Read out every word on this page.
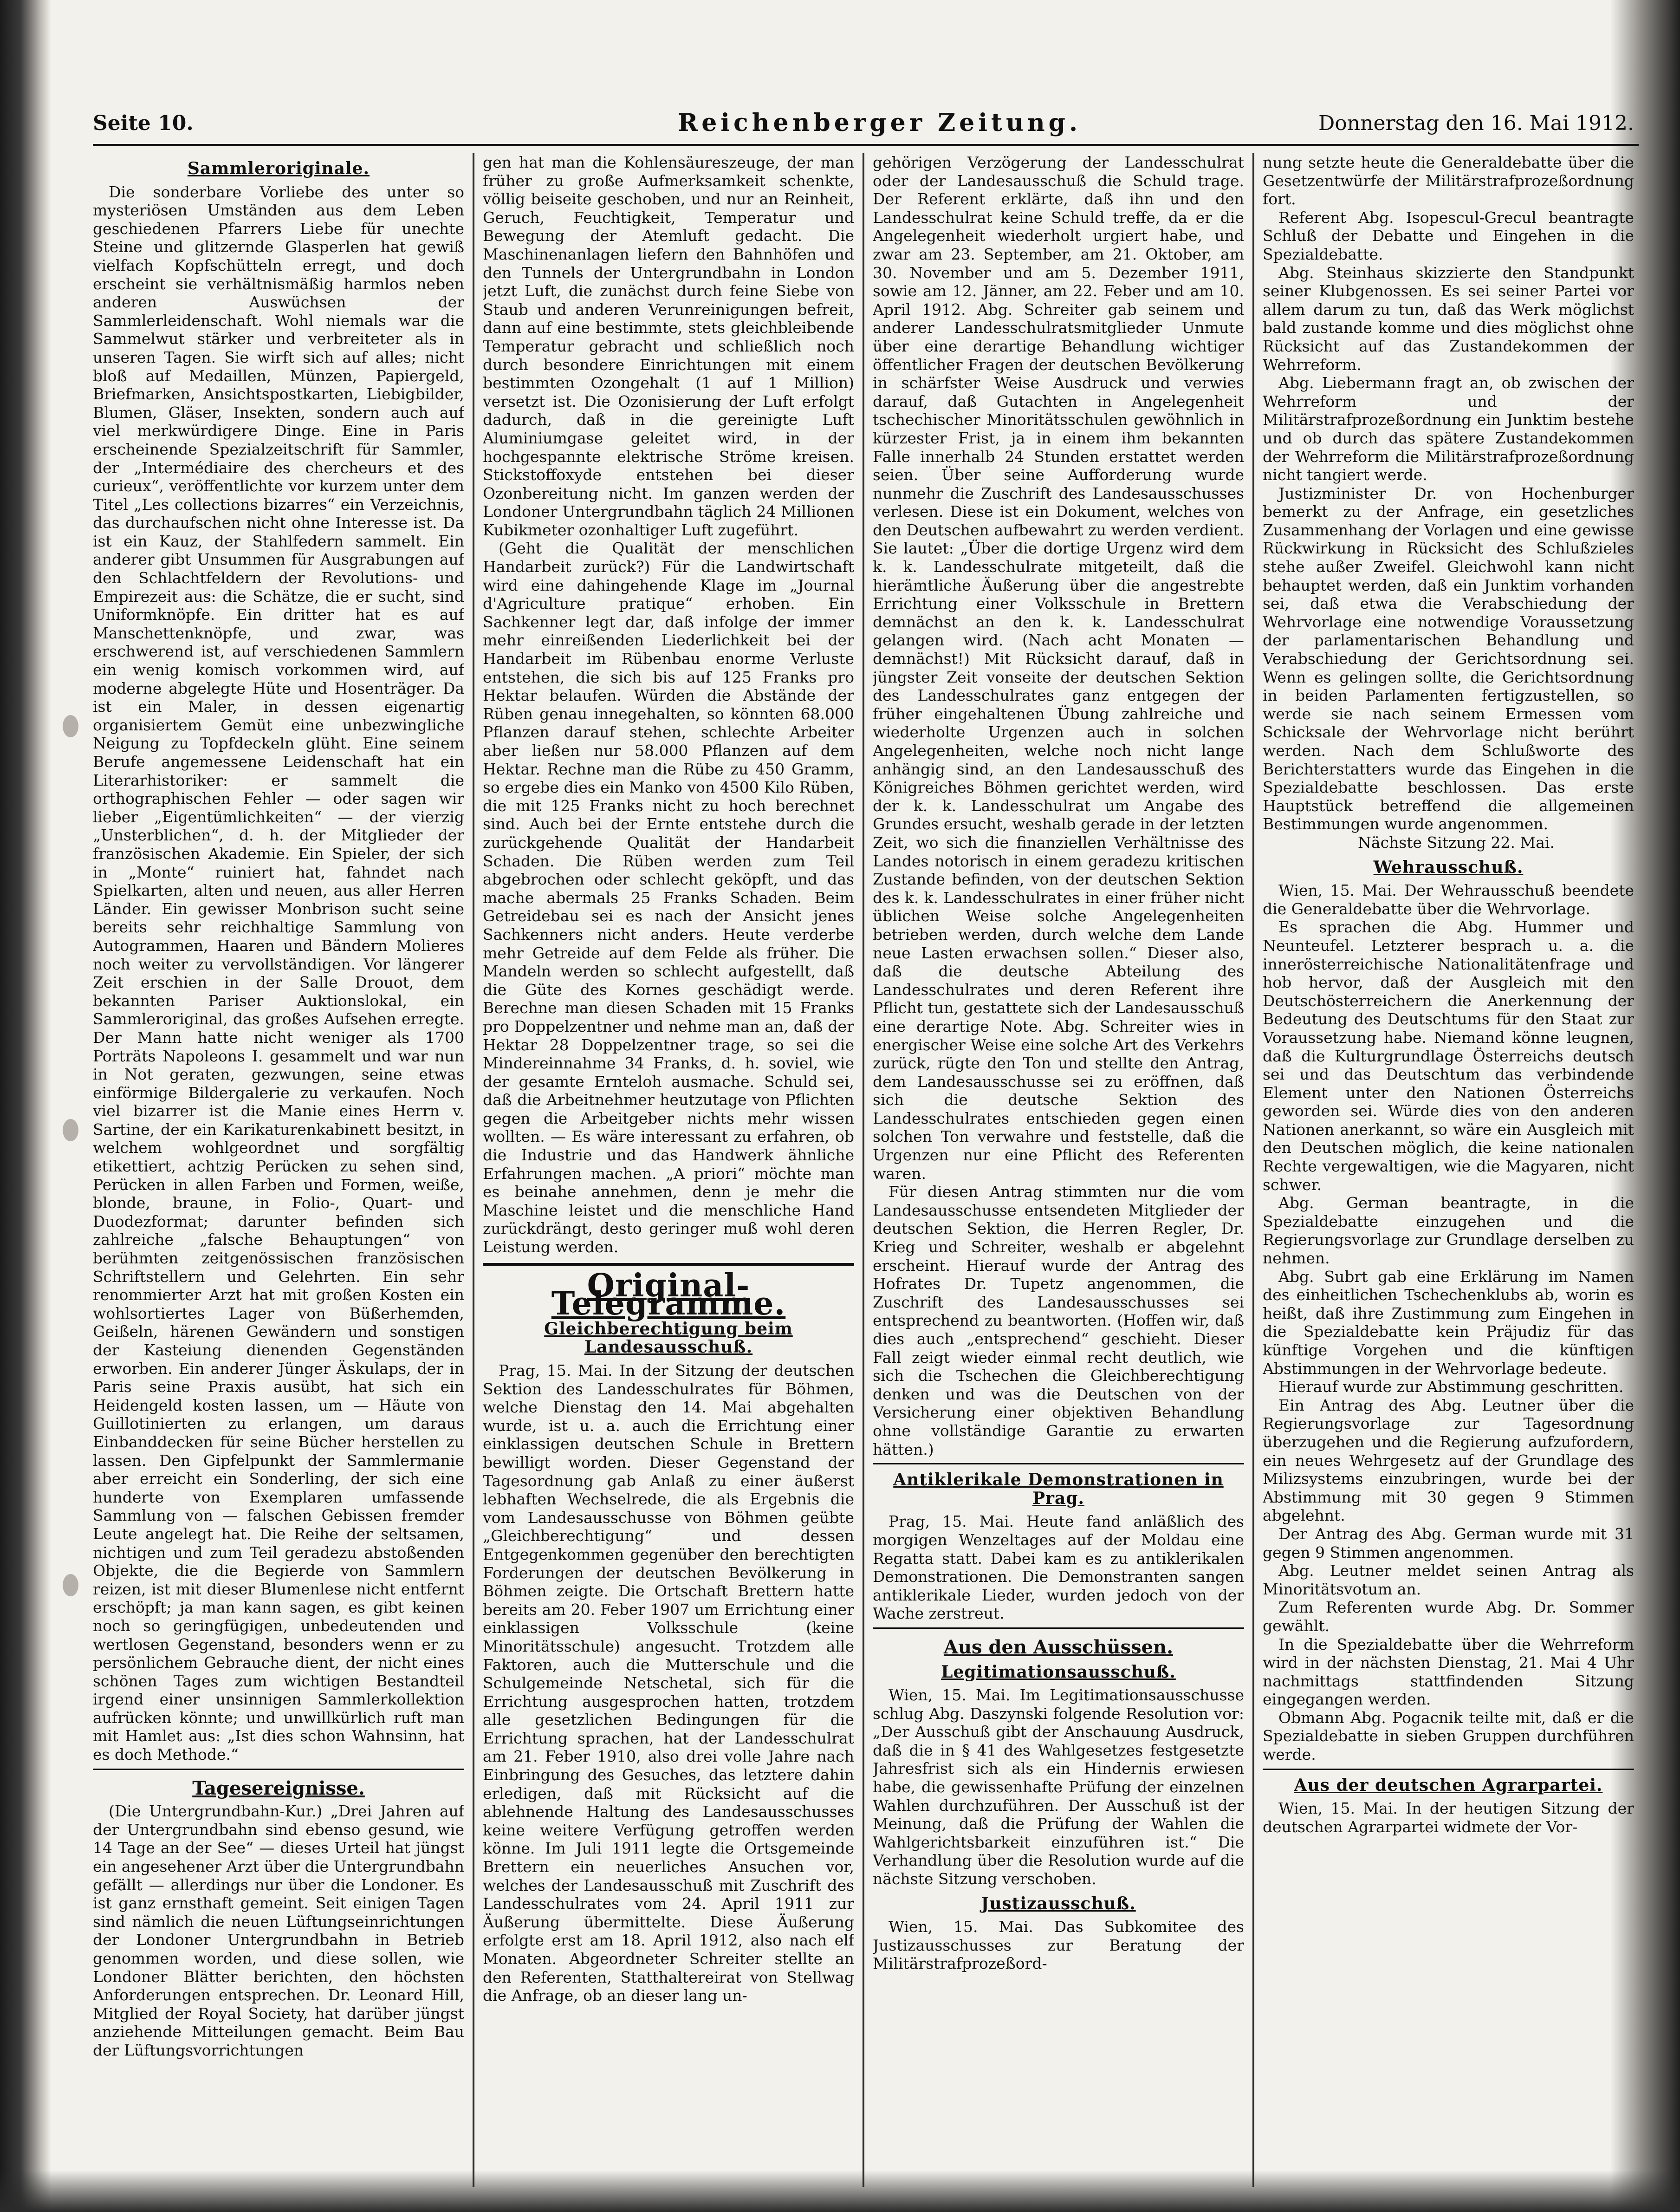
Seite 10.	Reichenberger Zeitung.	Donnerstag den 16. Mai 1912.
Sammleroriginale.

Die sonderbare Vorliebe des unter so mysteriösen Umständen aus dem Leben geschiedenen Pfarrers Liebe für unechte Steine und glitzernde Glasperlen hat gewiß vielfach Kopfschütteln erregt, und doch erscheint sie verhältnismäßig harmlos neben anderen Auswüchsen der Sammlerleidenschaft. Wohl niemals war die Sammelwut stärker und verbreiteter als in unseren Tagen. Sie wirft sich auf alles; nicht bloß auf Medaillen, Münzen, Papiergeld, Briefmarken, Ansichtspostkarten, Liebigbilder, Blumen, Gläser, Insekten, sondern auch auf viel merkwürdigere Dinge. Eine in Paris erscheinende Spezialzeitschrift für Sammler, der „Intermédiaire des chercheurs et des curieux“, veröffentlichte vor kurzem unter dem Titel „Les collections bizarres“ ein Verzeichnis, das durchaufschen nicht ohne Interesse ist. Da ist ein Kauz, der Stahlfedern sammelt. Ein anderer gibt Unsummen für Ausgrabungen auf den Schlachtfeldern der Revolutions- und Empirezeit aus: die Schätze, die er sucht, sind Uniformknöpfe. Ein dritter hat es auf Manschettenknöpfe, und zwar, was erschwerend ist, auf verschiedenen Sammlern ein wenig komisch vorkommen wird, auf moderne abgelegte Hüte und Hosenträger. Da ist ein Maler, in dessen eigenartig organisiertem Gemüt eine unbezwingliche Neigung zu Topfdeckeln glüht. Eine seinem Berufe angemessene Leidenschaft hat ein Literarhistoriker: er sammelt die orthographischen Fehler — oder sagen wir lieber „Eigentümlichkeiten“ — der vierzig „Unsterblichen“, d. h. der Mitglieder der französischen Akademie. Ein Spieler, der sich in „Monte“ ruiniert hat, fahndet nach Spielkarten, alten und neuen, aus aller Herren Länder. Ein gewisser Monbrison sucht seine bereits sehr reichhaltige Sammlung von Autogrammen, Haaren und Bändern Molieres noch weiter zu vervollständigen. Vor längerer Zeit erschien in der Salle Drouot, dem bekannten Pariser Auktionslokal, ein Sammleroriginal, das großes Aufsehen erregte. Der Mann hatte nicht weniger als 1700 Porträts Napoleons I. gesammelt und war nun in Not geraten, gezwungen, seine etwas einförmige Bildergalerie zu verkaufen. Noch viel bizarrer ist die Manie eines Herrn v. Sartine, der ein Karikaturenkabinett besitzt, in welchem wohlgeordnet und sorgfältig etikettiert, achtzig Perücken zu sehen sind, Perücken in allen Farben und Formen, weiße, blonde, braune, in Folio-, Quart- und Duodezformat; darunter befinden sich zahlreiche „falsche Behauptungen“ von berühmten zeitgenössischen französischen Schriftstellern und Gelehrten. Ein sehr renommierter Arzt hat mit großen Kosten ein wohlsortiertes Lager von Büßerhemden, Geißeln, härenen Gewändern und sonstigen der Kasteiung dienenden Gegenständen erworben. Ein anderer Jünger Äskulaps, der in Paris seine Praxis ausübt, hat sich ein Heidengeld kosten lassen, um — Häute von Guillotinierten zu erlangen, um daraus Einbanddecken für seine Bücher herstellen zu lassen. Den Gipfelpunkt der Sammlermanie aber erreicht ein Sonderling, der sich eine hunderte von Exemplaren umfassende Sammlung von — falschen Gebissen fremder Leute angelegt hat. Die Reihe der seltsamen, nichtigen und zum Teil geradezu abstoßenden Objekte, die die Begierde von Sammlern reizen, ist mit dieser Blumenlese nicht entfernt erschöpft; ja man kann sagen, es gibt keinen noch so geringfügigen, unbedeutenden und wertlosen Gegenstand, besonders wenn er zu persönlichem Gebrauche dient, der nicht eines schönen Tages zum wichtigen Bestandteil irgend einer unsinnigen Sammlerkollektion aufrücken könnte; und unwillkürlich ruft man mit Hamlet aus: „Ist dies schon Wahnsinn, hat es doch Methode.“

Tagesereignisse.

(Die Untergrundbahn-Kur.) „Drei Jahren auf der Untergrundbahn sind ebenso gesund, wie 14 Tage an der See“ — dieses Urteil hat jüngst ein angesehener Arzt über die Untergrundbahn gefällt — allerdings nur über die Londoner. Es ist ganz ernsthaft gemeint. Seit einigen Tagen sind nämlich die neuen Lüftungseinrichtungen der Londoner Untergrundbahn in Betrieb genommen worden, und diese sollen, wie Londoner Blätter berichten, den höchsten Anforderungen entsprechen. Dr. Leonard Hill, Mitglied der Royal Society, hat darüber jüngst anziehende Mitteilungen gemacht. Beim Bau der Lüftungsvorrichtungen

gen hat man die Kohlensäureszeuge, der man früher zu große Aufmerksamkeit schenkte, völlig beiseite geschoben, und nur an Reinheit, Geruch, Feuchtigkeit, Temperatur und Bewegung der Atemluft gedacht. Die Maschinenanlagen liefern den Bahnhöfen und den Tunnels der Untergrundbahn in London jetzt Luft, die zunächst durch feine Siebe von Staub und anderen Verunreinigungen befreit, dann auf eine bestimmte, stets gleichbleibende Temperatur gebracht und schließlich noch durch besondere Einrichtungen mit einem bestimmten Ozongehalt (1 auf 1 Million) versetzt ist. Die Ozonisierung der Luft erfolgt dadurch, daß in die gereinigte Luft Aluminiumgase geleitet wird, in der hochgespannte elektrische Ströme kreisen. Stickstoffoxyde entstehen bei dieser Ozonbereitung nicht. Im ganzen werden der Londoner Untergrundbahn täglich 24 Millionen Kubikmeter ozonhaltiger Luft zugeführt.

(Geht die Qualität der menschlichen Handarbeit zurück?) Für die Landwirtschaft wird eine dahingehende Klage im „Journal d'Agriculture pratique“ erhoben. Ein Sachkenner legt dar, daß infolge der immer mehr einreißenden Liederlichkeit bei der Handarbeit im Rübenbau enorme Verluste entstehen, die sich bis auf 125 Franks pro Hektar belaufen. Würden die Abstände der Rüben genau innegehalten, so könnten 68.000 Pflanzen darauf stehen, schlechte Arbeiter aber ließen nur 58.000 Pflanzen auf dem Hektar. Rechne man die Rübe zu 450 Gramm, so ergebe dies ein Manko von 4500 Kilo Rüben, die mit 125 Franks nicht zu hoch berechnet sind. Auch bei der Ernte entstehe durch die zurückgehende Qualität der Handarbeit Schaden. Die Rüben werden zum Teil abgebrochen oder schlecht geköpft, und das mache abermals 25 Franks Schaden. Beim Getreidebau sei es nach der Ansicht jenes Sachkenners nicht anders. Heute verderbe mehr Getreide auf dem Felde als früher. Die Mandeln werden so schlecht aufgestellt, daß die Güte des Kornes geschädigt werde. Berechne man diesen Schaden mit 15 Franks pro Doppelzentner und nehme man an, daß der Hektar 28 Doppelzentner trage, so sei die Mindereinnahme 34 Franks, d. h. soviel, wie der gesamte Ernteloh ausmache. Schuld sei, daß die Arbeitnehmer heutzutage von Pflichten gegen die Arbeitgeber nichts mehr wissen wollten. — Es wäre interessant zu erfahren, ob die Industrie und das Handwerk ähnliche Erfahrungen machen. „A priori“ möchte man es beinahe annehmen, denn je mehr die Maschine leistet und die menschliche Hand zurückdrängt, desto geringer muß wohl deren Leistung werden.

Original-Telegramme.
Gleichberechtigung beim Landesausschuß.

Prag, 15. Mai. In der Sitzung der deutschen Sektion des Landesschulrates für Böhmen, welche Dienstag den 14. Mai abgehalten wurde, ist u. a. auch die Errichtung einer einklassigen deutschen Schule in Brettern bewilligt worden. Dieser Gegenstand der Tagesordnung gab Anlaß zu einer äußerst lebhaften Wechselrede, die als Ergebnis die vom Landesausschusse von Böhmen geübte „Gleichberechtigung“ und dessen Entgegenkommen gegenüber den berechtigten Forderungen der deutschen Bevölkerung in Böhmen zeigte. Die Ortschaft Brettern hatte bereits am 20. Feber 1907 um Errichtung einer einklassigen Volksschule (keine Minoritätsschule) angesucht. Trotzdem alle Faktoren, auch die Mutterschule und die Schulgemeinde Netschetal, sich für die Errichtung ausgesprochen hatten, trotzdem alle gesetzlichen Bedingungen für die Errichtung sprachen, hat der Landesschulrat am 21. Feber 1910, also drei volle Jahre nach Einbringung des Gesuches, das letztere dahin erledigen, daß mit Rücksicht auf die ablehnende Haltung des Landesausschusses keine weitere Verfügung getroffen werden könne. Im Juli 1911 legte die Ortsgemeinde Brettern ein neuerliches Ansuchen vor, welches der Landesausschuß mit Zuschrift des Landesschulrates vom 24. April 1911 zur Äußerung übermittelte. Diese Äußerung erfolgte erst am 18. April 1912, also nach elf Monaten. Abgeordneter Schreiter stellte an den Referenten, Statthaltereirat von Stellwag die Anfrage, ob an dieser lang un-

gehörigen Verzögerung der Landesschulrat oder der Landesausschuß die Schuld trage. Der Referent erklärte, daß ihn und den Landesschulrat keine Schuld treffe, da er die Angelegenheit wiederholt urgiert habe, und zwar am 23. September, am 21. Oktober, am 30. November und am 5. Dezember 1911, sowie am 12. Jänner, am 22. Feber und am 10. April 1912. Abg. Schreiter gab seinem und anderer Landesschulratsmitglieder Unmute über eine derartige Behandlung wichtiger öffentlicher Fragen der deutschen Bevölkerung in schärfster Weise Ausdruck und verwies darauf, daß Gutachten in Angelegenheit tschechischer Minoritätsschulen gewöhnlich in kürzester Frist, ja in einem ihm bekannten Falle innerhalb 24 Stunden erstattet werden seien. Über seine Aufforderung wurde nunmehr die Zuschrift des Landesausschusses verlesen. Diese ist ein Dokument, welches von den Deutschen aufbewahrt zu werden verdient. Sie lautet: „Über die dortige Urgenz wird dem k. k. Landesschulrate mitgeteilt, daß die hierämtliche Äußerung über die angestrebte Errichtung einer Volksschule in Brettern demnächst an den k. k. Landesschulrat gelangen wird. (Nach acht Monaten — demnächst!) Mit Rücksicht darauf, daß in jüngster Zeit vonseite der deutschen Sektion des Landesschulrates ganz entgegen der früher eingehaltenen Übung zahlreiche und wiederholte Urgenzen auch in solchen Angelegenheiten, welche noch nicht lange anhängig sind, an den Landesausschuß des Königreiches Böhmen gerichtet werden, wird der k. k. Landesschulrat um Angabe des Grundes ersucht, weshalb gerade in der letzten Zeit, wo sich die finanziellen Verhältnisse des Landes notorisch in einem geradezu kritischen Zustande befinden, von der deutschen Sektion des k. k. Landesschulrates in einer früher nicht üblichen Weise solche Angelegenheiten betrieben werden, durch welche dem Lande neue Lasten erwachsen sollen.“ Dieser also, daß die deutsche Abteilung des Landesschulrates und deren Referent ihre Pflicht tun, gestattete sich der Landesausschuß eine derartige Note. Abg. Schreiter wies in energischer Weise eine solche Art des Verkehrs zurück, rügte den Ton und stellte den Antrag, dem Landesausschusse sei zu eröffnen, daß sich die deutsche Sektion des Landesschulrates entschieden gegen einen solchen Ton verwahre und feststelle, daß die Urgenzen nur eine Pflicht des Referenten waren.

Für diesen Antrag stimmten nur die vom Landesausschusse entsendeten Mitglieder der deutschen Sektion, die Herren Regler, Dr. Krieg und Schreiter, weshalb er abgelehnt erscheint. Hierauf wurde der Antrag des Hofrates Dr. Tupetz angenommen, die Zuschrift des Landesausschusses sei entsprechend zu beantworten. (Hoffen wir, daß dies auch „entsprechend“ geschieht. Dieser Fall zeigt wieder einmal recht deutlich, wie sich die Tschechen die Gleichberechtigung denken und was die Deutschen von der Versicherung einer objektiven Behandlung ohne vollständige Garantie zu erwarten hätten.)

Antiklerikale Demonstrationen in Prag.

Prag, 15. Mai. Heute fand anläßlich des morgigen Wenzeltages auf der Moldau eine Regatta statt. Dabei kam es zu antiklerikalen Demonstrationen. Die Demonstranten sangen antiklerikale Lieder, wurden jedoch von der Wache zerstreut.

Aus den Ausschüssen.
Legitimationsausschuß.

Wien, 15. Mai. Im Legitimationsausschusse schlug Abg. Daszynski folgende Resolution vor: „Der Ausschuß gibt der Anschauung Ausdruck, daß die in § 41 des Wahlgesetzes festgesetzte Jahresfrist sich als ein Hindernis erwiesen habe, die gewissenhafte Prüfung der einzelnen Wahlen durchzuführen. Der Ausschuß ist der Meinung, daß die Prüfung der Wahlen die Wahlgerichtsbarkeit einzuführen ist.“ Die Verhandlung über die Resolution wurde auf die nächste Sitzung verschoben.

Justizausschuß.

Wien, 15. Mai. Das Subkomitee des Justizausschusses zur Beratung der Militärstrafprozeßord-

nung setzte heute die Generaldebatte über die Gesetzentwürfe der Militärstrafprozeßordnung fort.

Referent Abg. Isopescul-Grecul beantragte Schluß der Debatte und Eingehen in die Spezialdebatte.

Abg. Steinhaus skizzierte den Standpunkt seiner Klubgenossen. Es sei seiner Partei vor allem darum zu tun, daß das Werk möglichst bald zustande komme und dies möglichst ohne Rücksicht auf das Zustandekommen der Wehrreform.

Abg. Liebermann fragt an, ob zwischen der Wehrreform und der Militärstrafprozeßordnung ein Junktim bestehe und ob durch das spätere Zustandekommen der Wehrreform die Militärstrafprozeßordnung nicht tangiert werde.

Justizminister Dr. von Hochenburger bemerkt zu der Anfrage, ein gesetzliches Zusammenhang der Vorlagen und eine gewisse Rückwirkung in Rücksicht des Schlußzieles stehe außer Zweifel. Gleichwohl kann nicht behauptet werden, daß ein Junktim vorhanden sei, daß etwa die Verabschiedung der Wehrvorlage eine notwendige Voraussetzung der parlamentarischen Behandlung und Verabschiedung der Gerichtsordnung sei. Wenn es gelingen sollte, die Gerichtsordnung in beiden Parlamenten fertigzustellen, so werde sie nach seinem Ermessen vom Schicksale der Wehrvorlage nicht berührt werden. Nach dem Schlußworte des Berichterstatters wurde das Eingehen in die Spezialdebatte beschlossen. Das erste Hauptstück betreffend die allgemeinen Bestimmungen wurde angenommen.

Nächste Sitzung 22. Mai.

Wehrausschuß.

Wien, 15. Mai. Der Wehrausschuß beendete die Generaldebatte über die Wehrvorlage.

Es sprachen die Abg. Hummer und Neunteufel. Letzterer besprach u. a. die innerösterreichische Nationalitätenfrage und hob hervor, daß der Ausgleich mit den Deutschösterreichern die Anerkennung der Bedeutung des Deutschtums für den Staat zur Voraussetzung habe. Niemand könne leugnen, daß die Kulturgrundlage Österreichs deutsch sei und das Deutschtum das verbindende Element unter den Nationen Österreichs geworden sei. Würde dies von den anderen Nationen anerkannt, so wäre ein Ausgleich mit den Deutschen möglich, die keine nationalen Rechte vergewaltigen, wie die Magyaren, nicht schwer.

Abg. German beantragte, in die Spezialdebatte einzugehen und die Regierungsvorlage zur Grundlage derselben zu nehmen.

Abg. Subrt gab eine Erklärung im Namen des einheitlichen Tschechenklubs ab, worin es heißt, daß ihre Zustimmung zum Eingehen in die Spezialdebatte kein Präjudiz für das künftige Vorgehen und die künftigen Abstimmungen in der Wehrvorlage bedeute.

Hierauf wurde zur Abstimmung geschritten.

Ein Antrag des Abg. Leutner über die Regierungsvorlage zur Tagesordnung überzugehen und die Regierung aufzufordern, ein neues Wehrgesetz auf der Grundlage des Milizsystems einzubringen, wurde bei der Abstimmung mit 30 gegen 9 Stimmen abgelehnt.

Der Antrag des Abg. German wurde mit 31 gegen 9 Stimmen angenommen.

Abg. Leutner meldet seinen Antrag als Minoritätsvotum an.

Zum Referenten wurde Abg. Dr. Sommer gewählt.

In die Spezialdebatte über die Wehrreform wird in der nächsten Dienstag, 21. Mai 4 Uhr nachmittags stattfindenden Sitzung eingegangen werden.

Obmann Abg. Pogacnik teilte mit, daß er die Spezialdebatte in sieben Gruppen durchführen werde.

Aus der deutschen Agrarpartei.

Wien, 15. Mai. In der heutigen Sitzung der deutschen Agrarpartei widmete der Vor-
